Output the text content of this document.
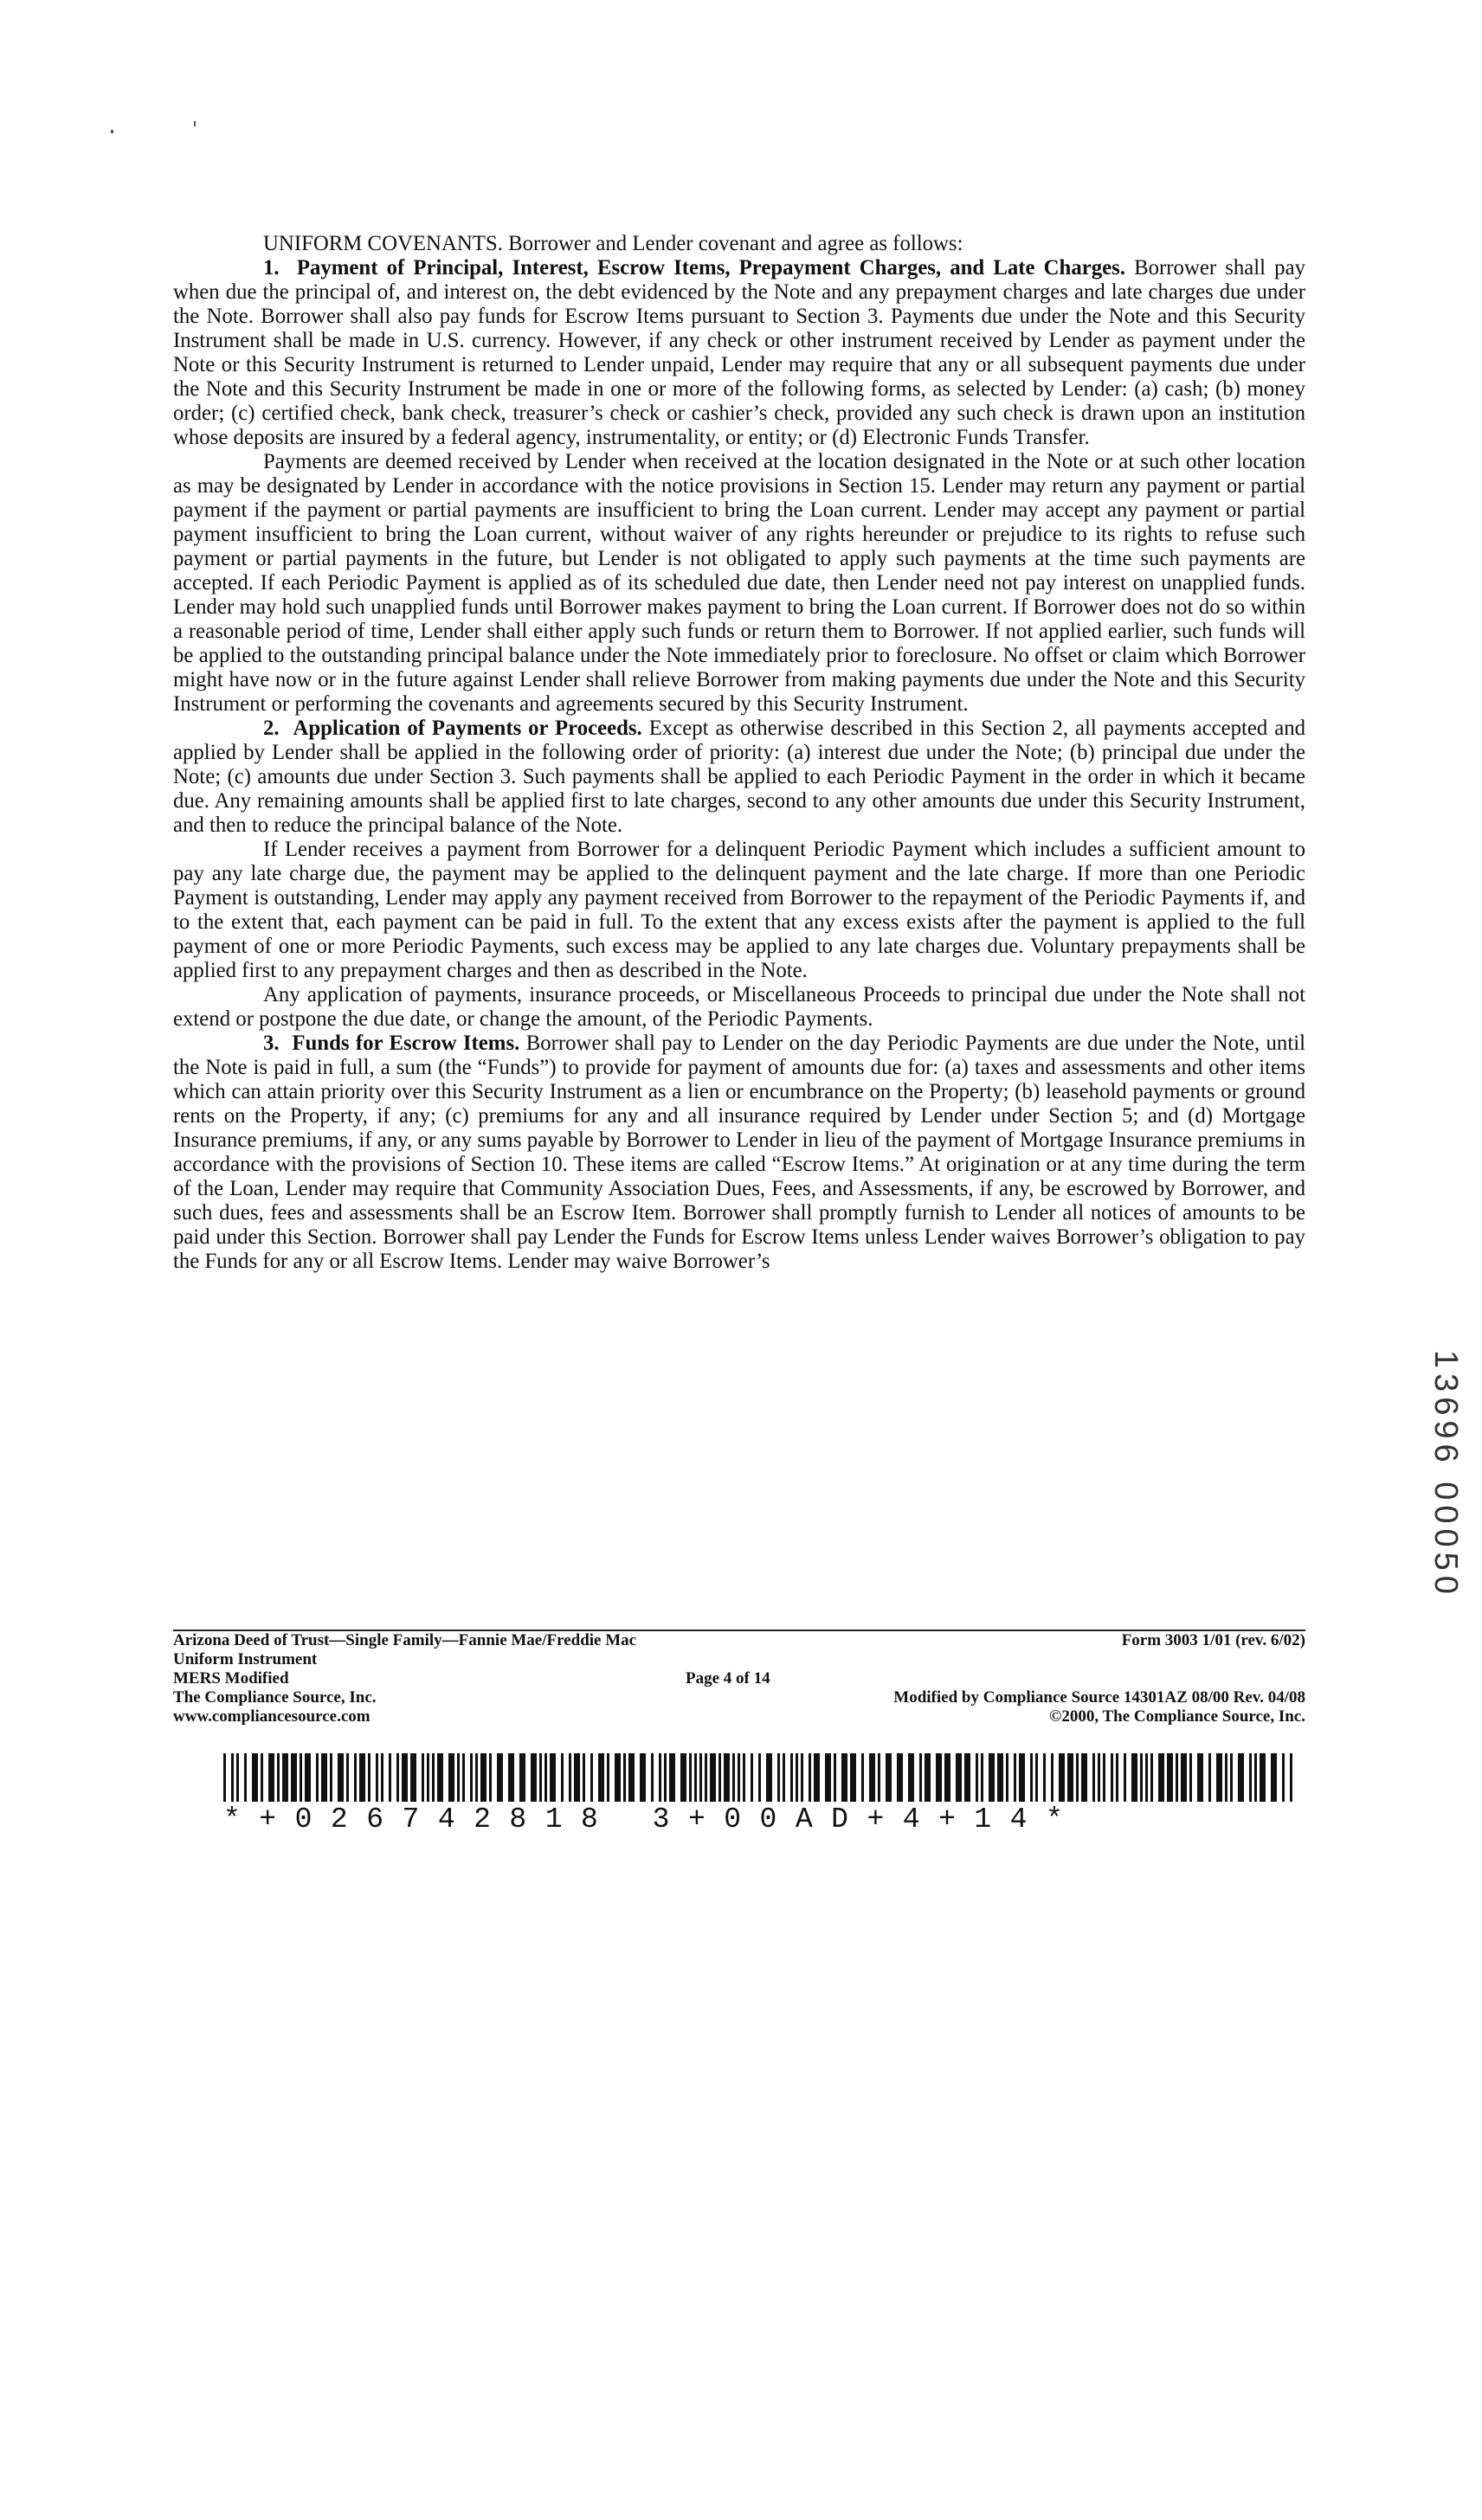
UNIFORM COVENANTS. Borrower and Lender covenant and agree as follows:

1. Payment of Principal, Interest, Escrow Items, Prepayment Charges, and Late Charges. Borrower shall pay when due the principal of, and interest on, the debt evidenced by the Note and any prepayment charges and late charges due under the Note. Borrower shall also pay funds for Escrow Items pursuant to Section 3. Payments due under the Note and this Security Instrument shall be made in U.S. currency. However, if any check or other instrument received by Lender as payment under the Note or this Security Instrument is returned to Lender unpaid, Lender may require that any or all subsequent payments due under the Note and this Security Instrument be made in one or more of the following forms, as selected by Lender: (a) cash; (b) money order; (c) certified check, bank check, treasurer’s check or cashier’s check, provided any such check is drawn upon an institution whose deposits are insured by a federal agency, instrumentality, or entity; or (d) Electronic Funds Transfer.

Payments are deemed received by Lender when received at the location designated in the Note or at such other location as may be designated by Lender in accordance with the notice provisions in Section 15. Lender may return any payment or partial payment if the payment or partial payments are insufficient to bring the Loan current. Lender may accept any payment or partial payment insufficient to bring the Loan current, without waiver of any rights hereunder or prejudice to its rights to refuse such payment or partial payments in the future, but Lender is not obligated to apply such payments at the time such payments are accepted. If each Periodic Payment is applied as of its scheduled due date, then Lender need not pay interest on unapplied funds. Lender may hold such unapplied funds until Borrower makes payment to bring the Loan current. If Borrower does not do so within a reasonable period of time, Lender shall either apply such funds or return them to Borrower. If not applied earlier, such funds will be applied to the outstanding principal balance under the Note immediately prior to foreclosure. No offset or claim which Borrower might have now or in the future against Lender shall relieve Borrower from making payments due under the Note and this Security Instrument or performing the covenants and agreements secured by this Security Instrument.

2. Application of Payments or Proceeds. Except as otherwise described in this Section 2, all payments accepted and applied by Lender shall be applied in the following order of priority: (a) interest due under the Note; (b) principal due under the Note; (c) amounts due under Section 3. Such payments shall be applied to each Periodic Payment in the order in which it became due. Any remaining amounts shall be applied first to late charges, second to any other amounts due under this Security Instrument, and then to reduce the principal balance of the Note.

If Lender receives a payment from Borrower for a delinquent Periodic Payment which includes a sufficient amount to pay any late charge due, the payment may be applied to the delinquent payment and the late charge. If more than one Periodic Payment is outstanding, Lender may apply any payment received from Borrower to the repayment of the Periodic Payments if, and to the extent that, each payment can be paid in full. To the extent that any excess exists after the payment is applied to the full payment of one or more Periodic Payments, such excess may be applied to any late charges due. Voluntary prepayments shall be applied first to any prepayment charges and then as described in the Note.

Any application of payments, insurance proceeds, or Miscellaneous Proceeds to principal due under the Note shall not extend or postpone the due date, or change the amount, of the Periodic Payments.

3. Funds for Escrow Items. Borrower shall pay to Lender on the day Periodic Payments are due under the Note, until the Note is paid in full, a sum (the “Funds”) to provide for payment of amounts due for: (a) taxes and assessments and other items which can attain priority over this Security Instrument as a lien or encumbrance on the Property; (b) leasehold payments or ground rents on the Property, if any; (c) premiums for any and all insurance required by Lender under Section 5; and (d) Mortgage Insurance premiums, if any, or any sums payable by Borrower to Lender in lieu of the payment of Mortgage Insurance premiums in accordance with the provisions of Section 10. These items are called “Escrow Items.” At origination or at any time during the term of the Loan, Lender may require that Community Association Dues, Fees, and Assessments, if any, be escrowed by Borrower, and such dues, fees and assessments shall be an Escrow Item. Borrower shall promptly furnish to Lender all notices of amounts to be paid under this Section. Borrower shall pay Lender the Funds for Escrow Items unless Lender waives Borrower’s obligation to pay the Funds for any or all Escrow Items. Lender may waive Borrower’s

Arizona Deed of Trust—Single Family—Fannie Mae/Freddie Mac Uniform Instrument
Form 3003 1/01 (rev. 6/02)
MERS Modified
The Compliance Source, Inc.	Modified by Compliance Source 14301AZ 08/00 Rev. 04/08
www.compliancesource.com	©2000, The Compliance Source, Inc.
Page 4 of 14
*+026742818 3+00AD+4+14*
13696 00050
